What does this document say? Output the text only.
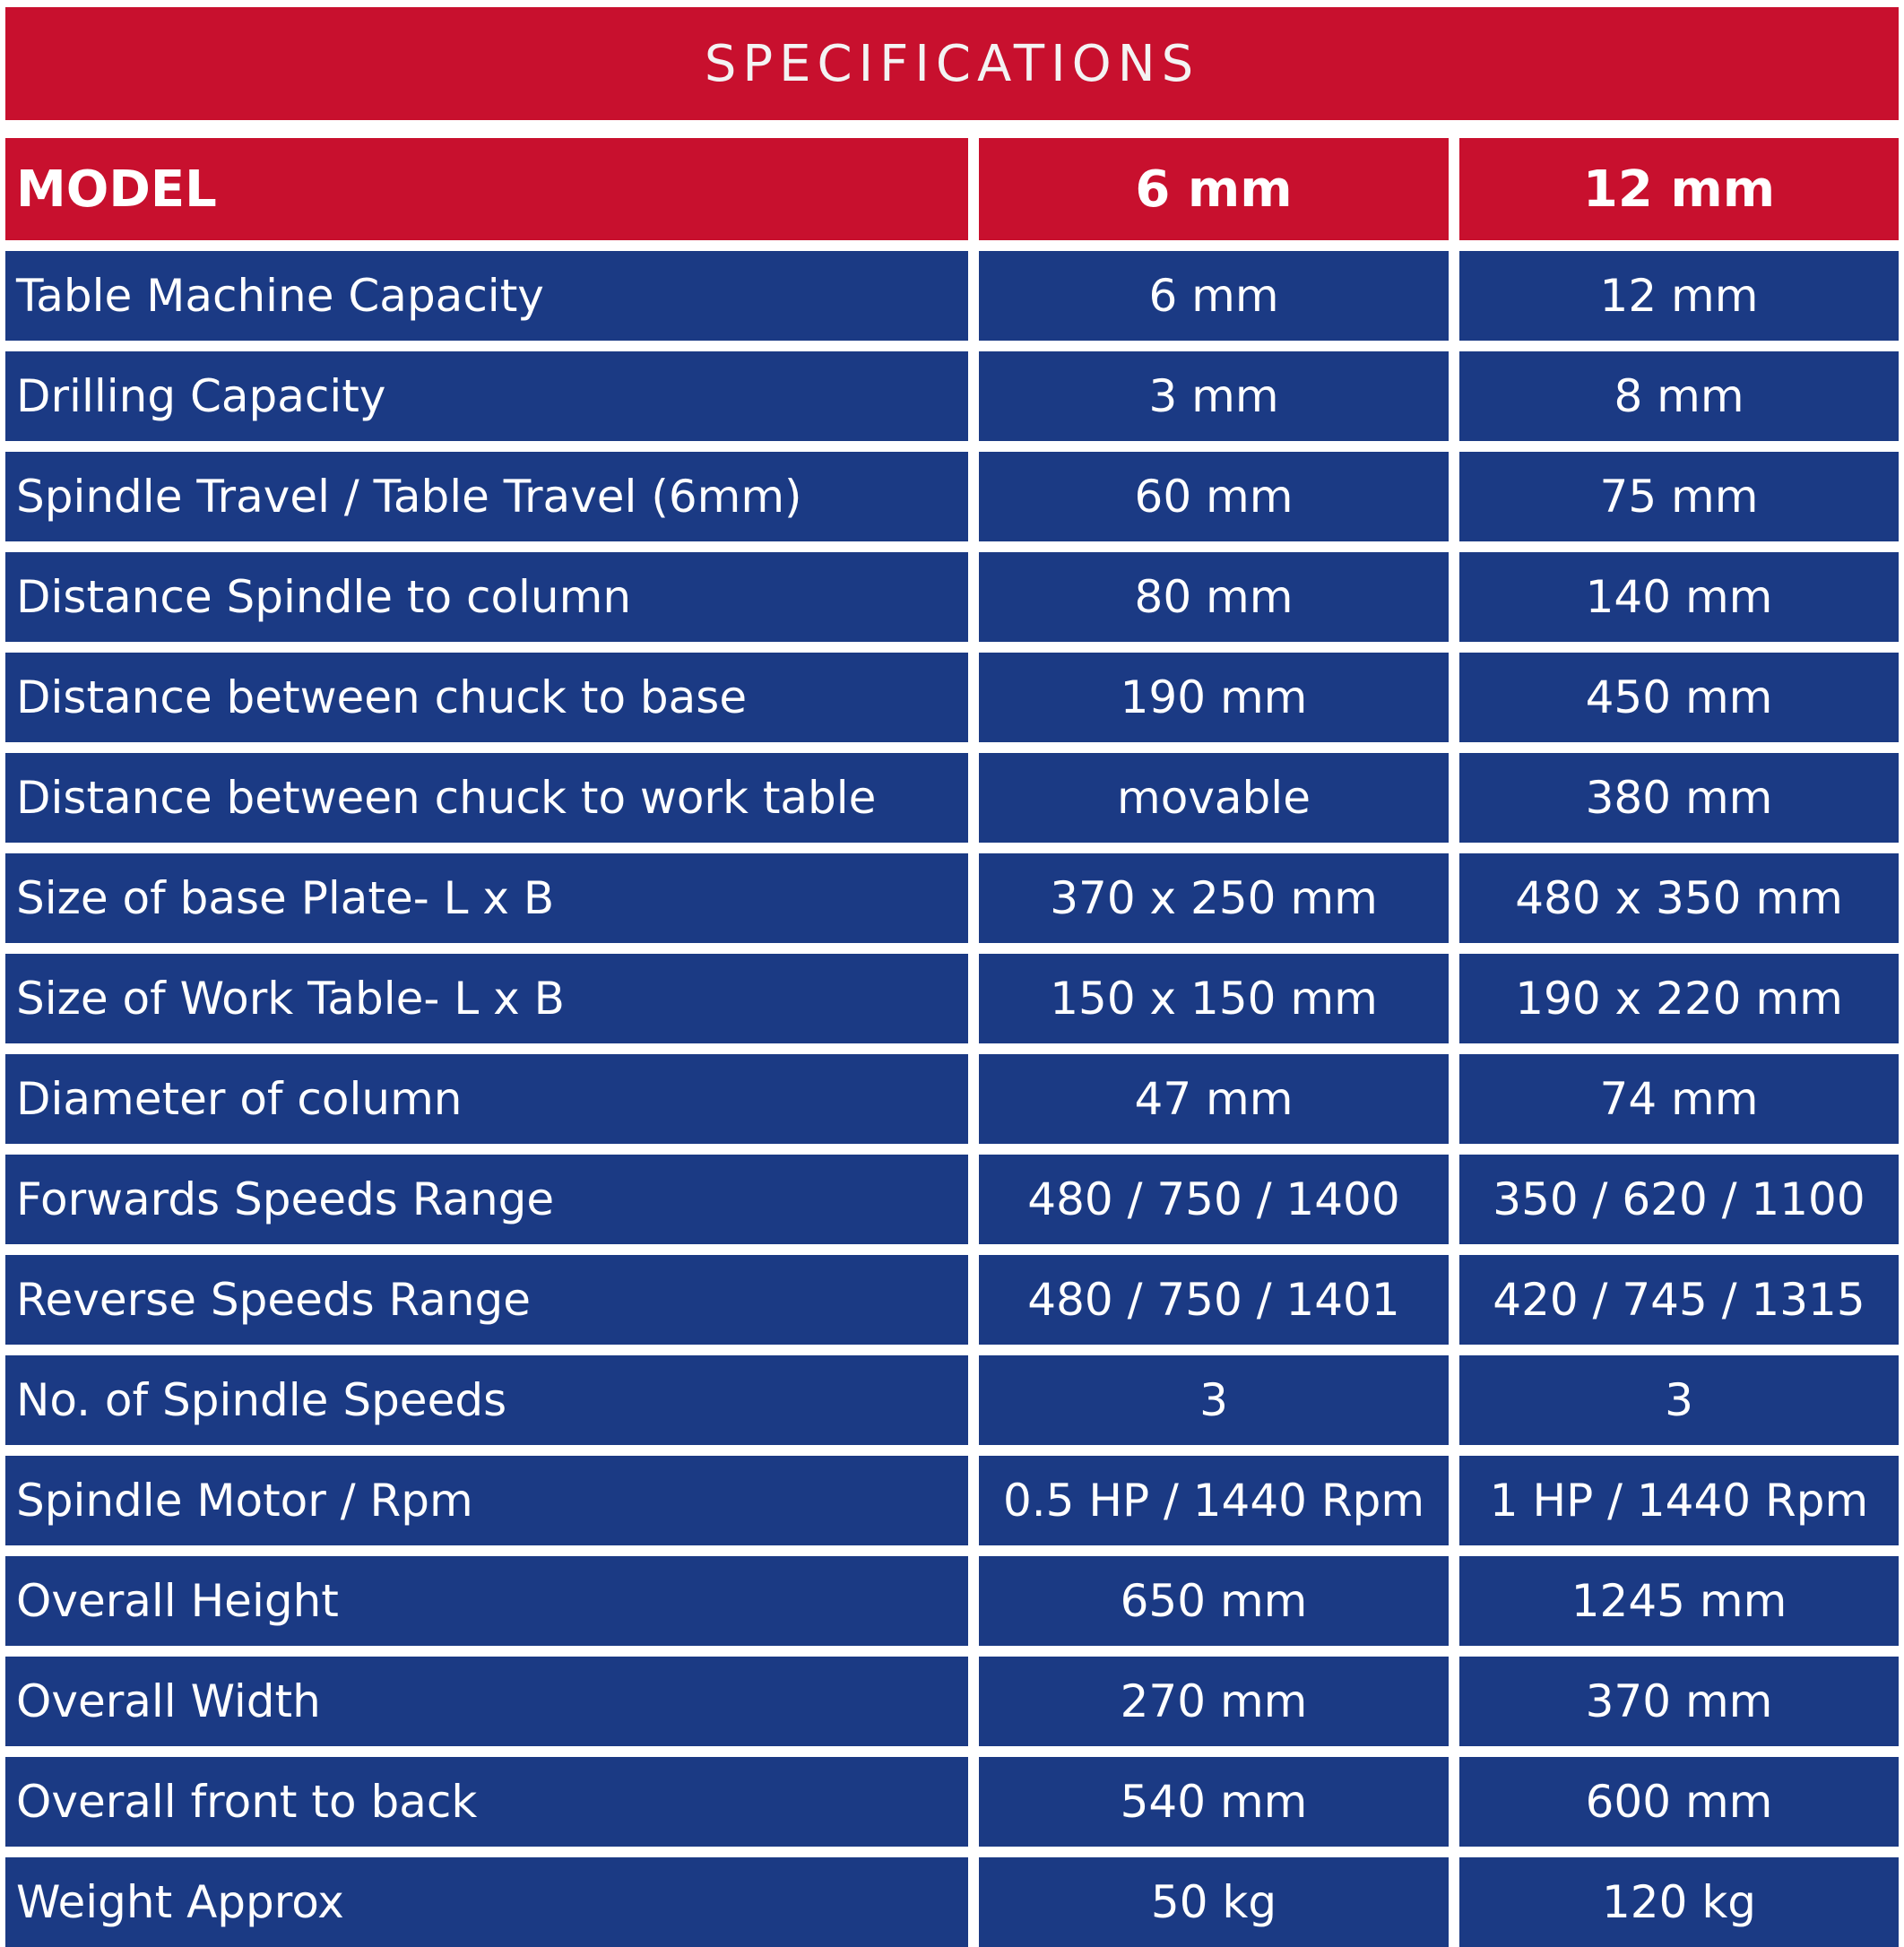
SPECIFICATIONS
MODEL	6 mm	12 mm
Table Machine Capacity	6 mm	12 mm
Drilling Capacity	3 mm	8 mm
Spindle Travel / Table Travel (6mm)	60 mm	75 mm
Distance Spindle to column	80 mm	140 mm
Distance between chuck to base	190 mm	450 mm
Distance between chuck to work table	movable	380 mm
Size of base Plate- L x B	370 x 250 mm	480 x 350 mm
Size of Work Table- L x B	150 x 150 mm	190 x 220 mm
Diameter of column	47 mm	74 mm
Forwards Speeds Range	480 / 750 / 1400	350 / 620 / 1100
Reverse Speeds Range	480 / 750 / 1401	420 / 745 / 1315
No. of Spindle Speeds	3	3
Spindle Motor / Rpm	0.5 HP / 1440 Rpm	1 HP / 1440 Rpm
Overall Height	650 mm	1245 mm
Overall Width	270 mm	370 mm
Overall front to back	540 mm	600 mm
Weight Approx	50 kg	120 kg
